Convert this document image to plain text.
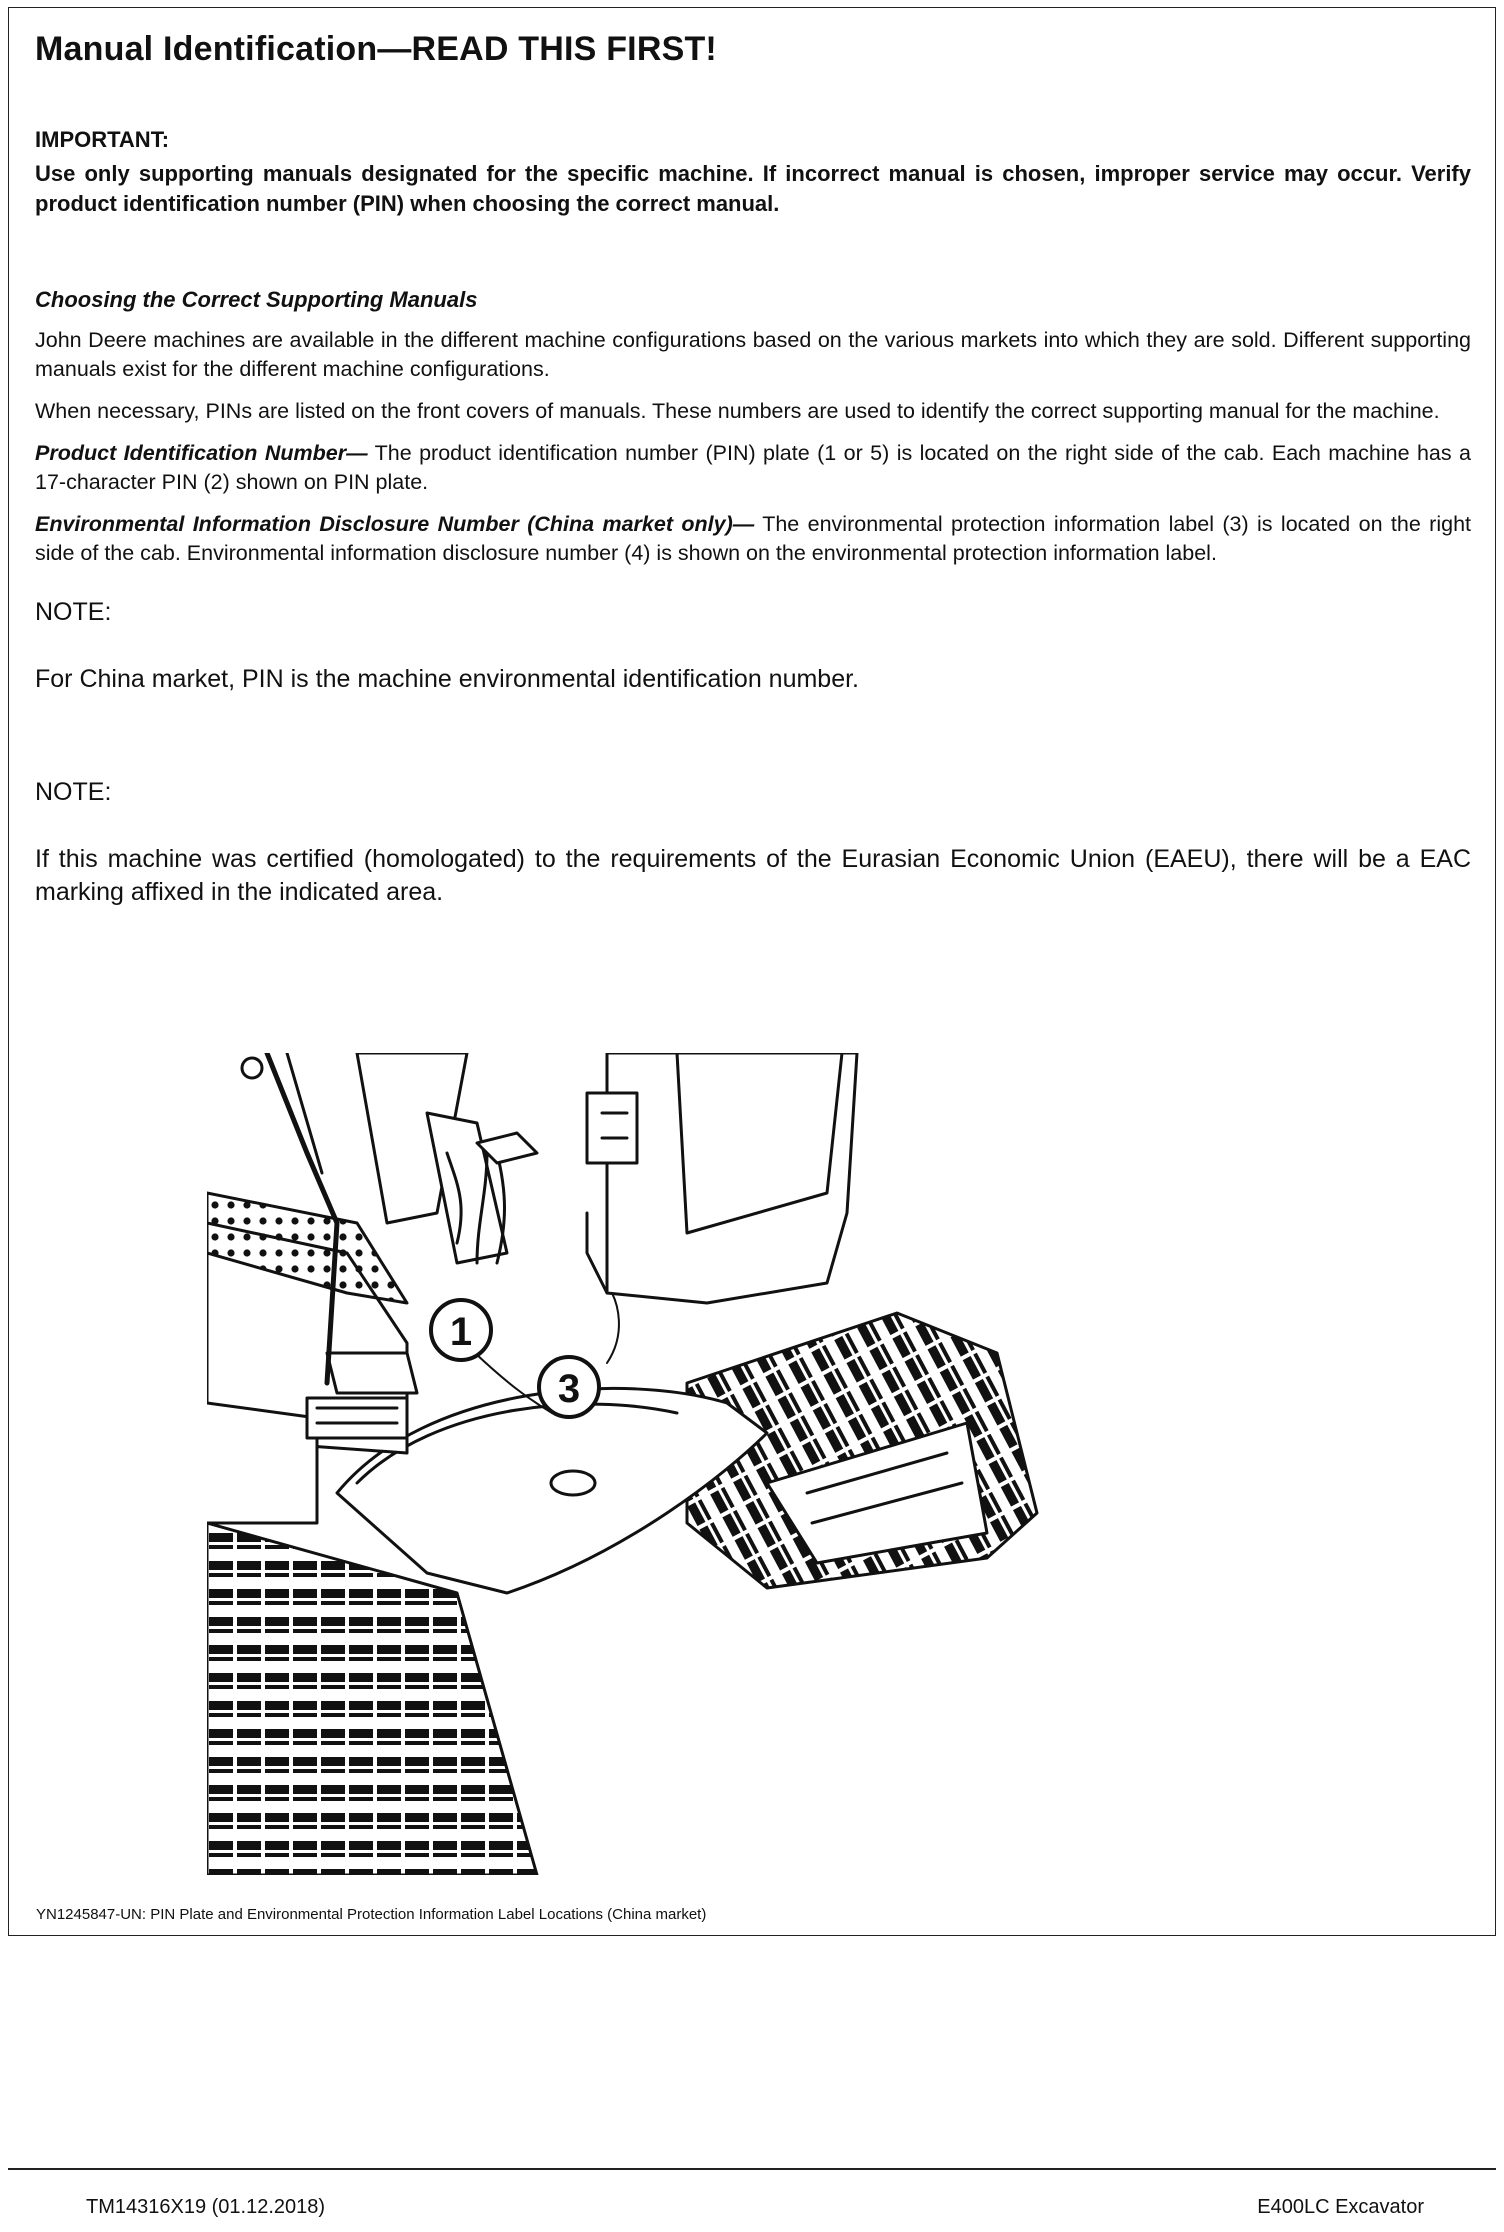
Manual Identification—READ THIS FIRST!
IMPORTANT:
Use only supporting manuals designated for the specific machine. If incorrect manual is chosen, improper service may occur. Verify product identification number (PIN) when choosing the correct manual.
Choosing the Correct Supporting Manuals

John Deere machines are available in the different machine configurations based on the various markets into which they are sold. Different supporting manuals exist for the different machine configurations.

When necessary, PINs are listed on the front covers of manuals. These numbers are used to identify the correct supporting manual for the machine.

Product Identification Number— The product identification number (PIN) plate (1 or 5) is located on the right side of the cab. Each machine has a 17-character PIN (2) shown on PIN plate.

Environmental Information Disclosure Number (China market only)— The environmental protection information label (3) is located on the right side of the cab. Environmental information disclosure number (4) is shown on the environmental protection information label.

NOTE:
For China market, PIN is the machine environmental identification number.
NOTE:
If this machine was certified (homologated) to the requirements of the Eurasian Economic Union (EAEU), there will be a EAC marking affixed in the indicated area.
1
3
YN1245847-UN: PIN Plate and Environmental Protection Information Label Locations (China market)
TM14316X19 (01.12.2018)	E400LC Excavator
